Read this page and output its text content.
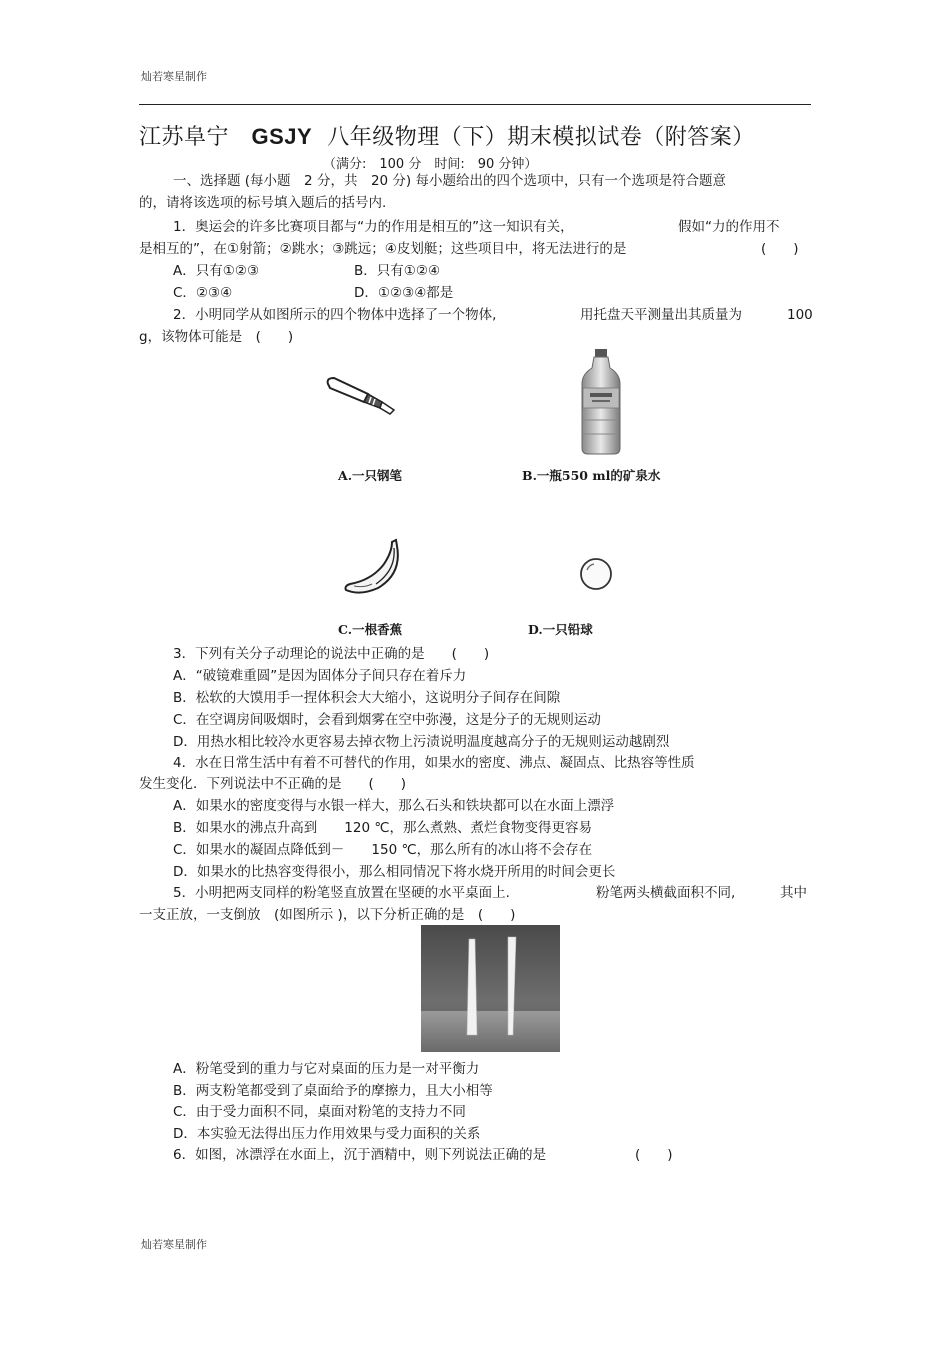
灿若寒星制作
江苏阜宁 GSJY 八年级物理（下）期末模拟试卷（附答案）
（满分:　100 分　时间:　90 分钟）
一、选择题 (每小题　2 分，共　20 分) 每小题给出的四个选项中，只有一个选项是符合题意
的，请将该选项的标号填入题后的括号内.
1．奥运会的许多比赛项目都与“力的作用是相互的”这一知识有关，	假如“力的作用不
是相互的”，在①射箭；②跳水；③跳远；④皮划艇；这些项目中，将无法进行的是	(　　)
A．只有①②③	B．只有①②④
C．②③④	D．①②③④都是
2．小明同学从如图所示的四个物体中选择了一个物体,	用托盘天平测量出其质量为	100
g，该物体可能是　(　　)
A.一只钢笔	B.一瓶550 ml的矿泉水
C.一根香蕉	D.一只铅球
3．下列有关分子动理论的说法中正确的是　　(　　)
A．“破镜难重圆”是因为固体分子间只存在着斥力
B．松软的大馍用手一捏体积会大大缩小，这说明分子间存在间隙
C．在空调房间吸烟时，会看到烟雾在空中弥漫，这是分子的无规则运动
D．用热水相比较冷水更容易去掉衣物上污渍说明温度越高分子的无规则运动越剧烈
4．水在日常生活中有着不可替代的作用，如果水的密度、沸点、凝固点、比热容等性质
发生变化．下列说法中不正确的是　　(　　)
A．如果水的密度变得与水银一样大，那么石头和铁块都可以在水面上漂浮
B．如果水的沸点升高到　　120 ℃，那么煮熟、煮烂食物变得更容易
C．如果水的凝固点降低到－　　150 ℃，那么所有的冰山将不会存在
D．如果水的比热容变得很小，那么相同情况下将水烧开所用的时间会更长
5．小明把两支同样的粉笔竖直放置在坚硬的水平桌面上.	粉笔两头横截面积不同,	其中
一支正放，一支倒放　(如图所示 )，以下分析正确的是　(　　)
A．粉笔受到的重力与它对桌面的压力是一对平衡力
B．两支粉笔都受到了桌面给予的摩擦力，且大小相等
C．由于受力面积不同，桌面对粉笔的支持力不同
D．本实验无法得出压力作用效果与受力面积的关系
6．如图，冰漂浮在水面上，沉于酒精中，则下列说法正确的是	(　　)
灿若寒星制作
